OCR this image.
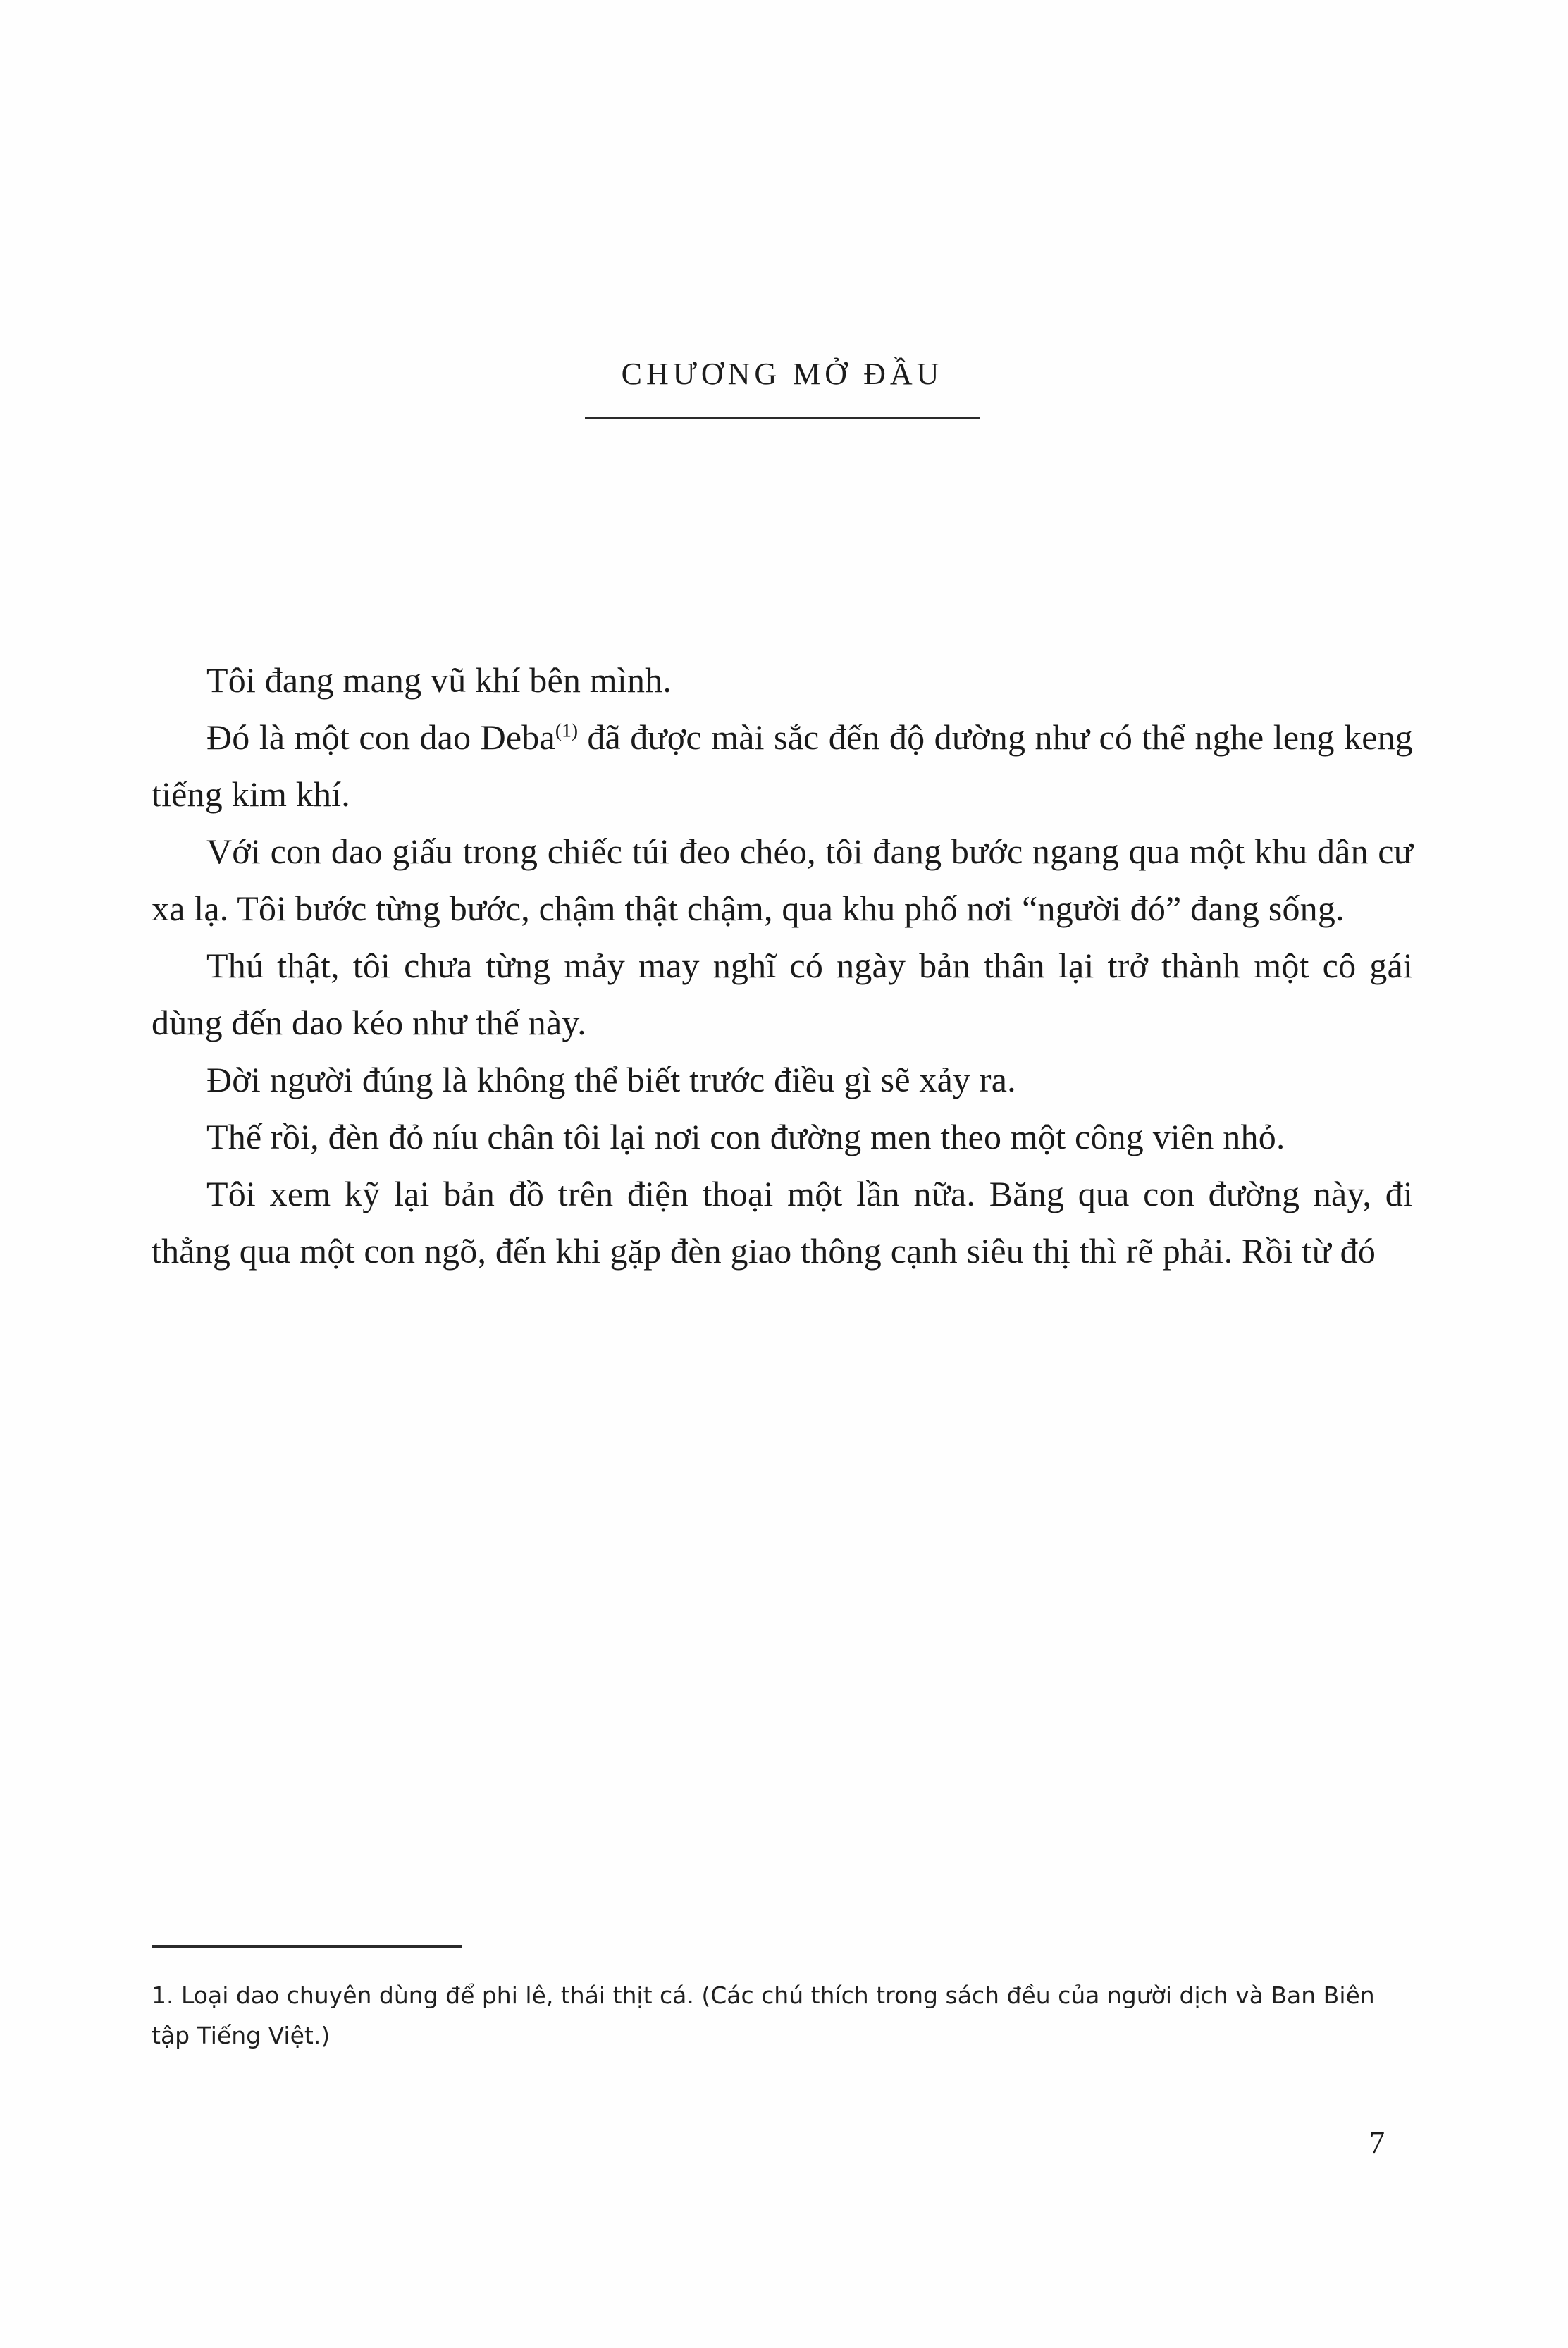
CHƯƠNG MỞ ĐẦU

Tôi đang mang vũ khí bên mình.

Đó là một con dao Deba$^{(1)}$ đã được mài sắc đến độ dường như có thể nghe leng keng tiếng kim khí.

Với con dao giấu trong chiếc túi đeo chéo, tôi đang bước ngang qua một khu dân cư xa lạ. Tôi bước từng bước, chậm thật chậm, qua khu phố nơi “người đó” đang sống.

Thú thật, tôi chưa từng mảy may nghĩ có ngày bản thân lại trở thành một cô gái dùng đến dao kéo như thế này.

Đời người đúng là không thể biết trước điều gì sẽ xảy ra.

Thế rồi, đèn đỏ níu chân tôi lại nơi con đường men theo một công viên nhỏ.

Tôi xem kỹ lại bản đồ trên điện thoại một lần nữa. Băng qua con đường này, đi thẳng qua một con ngõ, đến khi gặp đèn giao thông cạnh siêu thị thì rẽ phải. Rồi từ đó

1. Loại dao chuyên dùng để phi lê, thái thịt cá. (Các chú thích trong sách đều của người dịch và Ban Biên tập Tiếng Việt.)
7
